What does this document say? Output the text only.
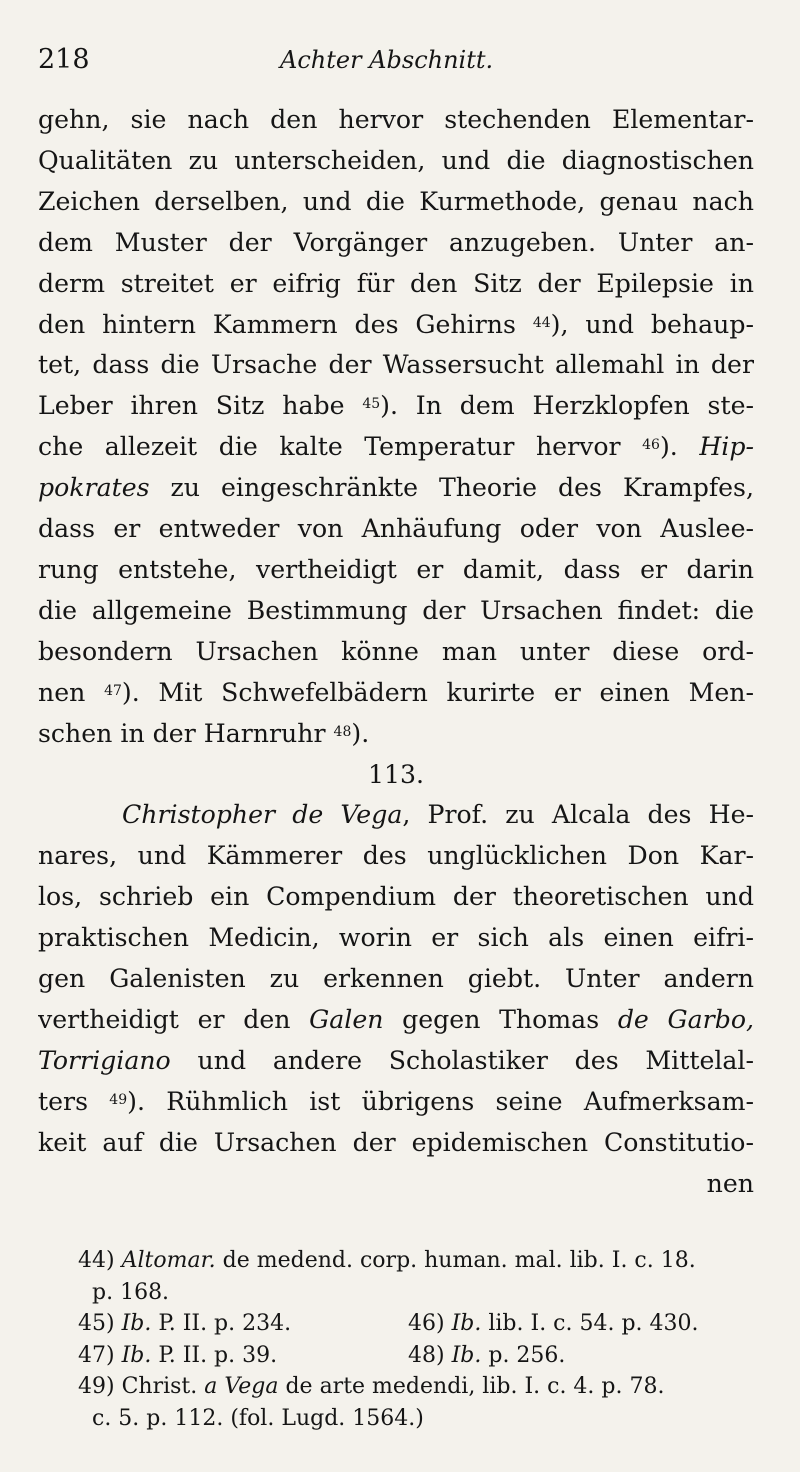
218	Achter Abschnitt.
gehn, sie nach den hervor stechenden Elementar-
Qualitäten zu unterscheiden, und die diagnostischen
Zeichen derselben, und die Kurmethode, genau nach
dem Muster der Vorgänger anzugeben. Unter an-
derm streitet er eifrig für den Sitz der Epilepsie in
den hintern Kammern des Gehirns $^{44}$), und behaup-
tet, dass die Ursache der Wassersucht allemahl in der
Leber ihren Sitz habe $^{45}$). In dem Herzklopfen ste-
che allezeit die kalte Temperatur hervor $^{46}$). Hip-
pokrates zu eingeschränkte Theorie des Krampfes,
dass er entweder von Anhäufung oder von Auslee-
rung entstehe, vertheidigt er damit, dass er darin
die allgemeine Bestimmung der Ursachen findet: die
besondern Ursachen könne man unter diese ord-
nen $^{47}$). Mit Schwefelbädern kurirte er einen Men-
schen in der Harnruhr $^{48}$).
113.
Christopher de Vega, Prof. zu Alcala des He-
nares, und Kämmerer des unglücklichen Don Kar-
los, schrieb ein Compendium der theoretischen und
praktischen Medicin, worin er sich als einen eifri-
gen Galenisten zu erkennen giebt. Unter andern
vertheidigt er den Galen gegen Thomas de Garbo,
Torrigiano und andere Scholastiker des Mittelal-
ters $^{49}$). Rühmlich ist übrigens seine Aufmerksam-
keit auf die Ursachen der epidemischen Constitutio-
nen
44) Altomar. de medend. corp. human. mal. lib. I. c. 18.
p. 168.
45) Ib. P. II. p. 234.	46) Ib. lib. I. c. 54. p. 430.
47) Ib. P. II. p. 39.	48) Ib. p. 256.
49) Christ. a Vega de arte medendi, lib. I. c. 4. p. 78.
c. 5. p. 112. (fol. Lugd. 1564.)
